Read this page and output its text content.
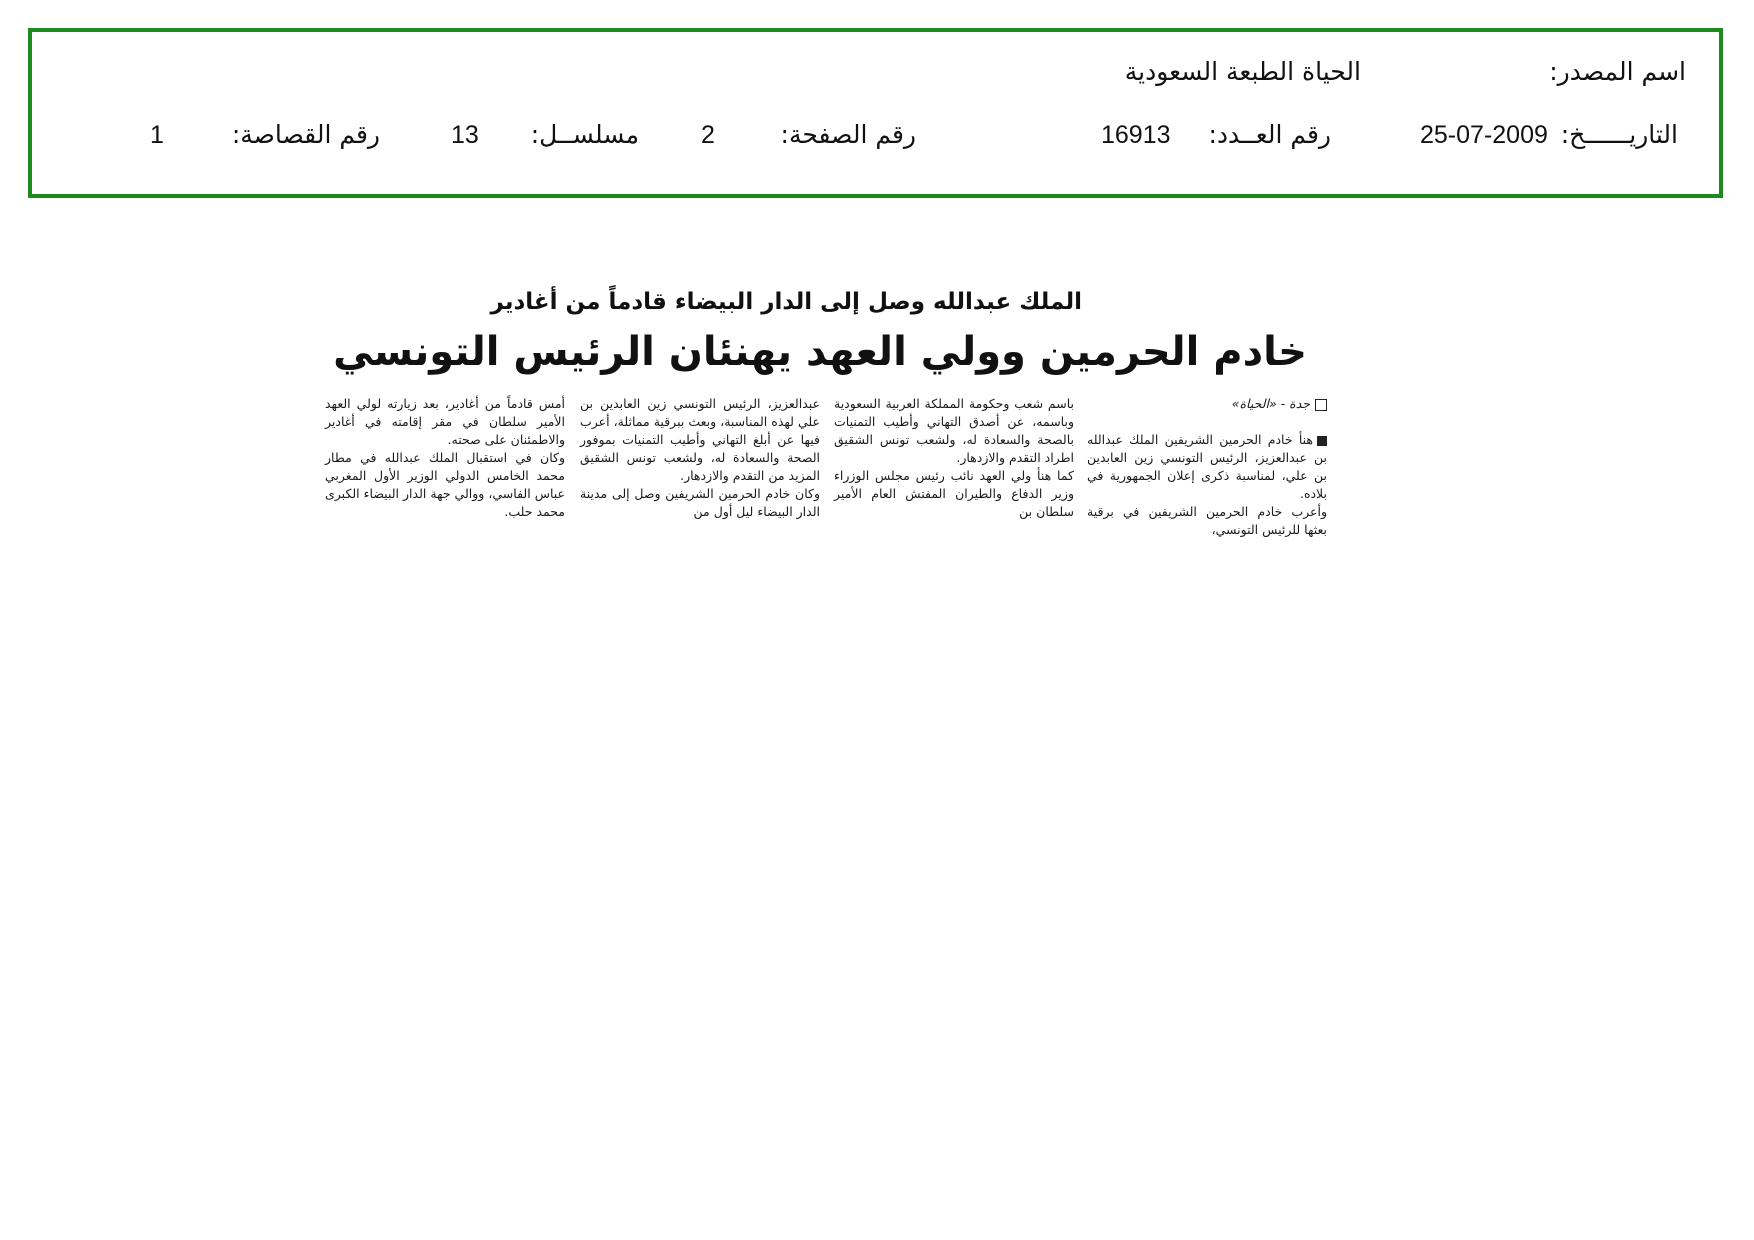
اسم المصدر:
الحياة الطبعة السعودية
التاريــــــخ:
25-07-2009
رقم العــدد:
16913
رقم الصفحة:
2
مسلســل:
13
رقم القصاصة:
1
الملك عبدالله وصل إلى الدار البيضاء قادماً من أغادير
خادم الحرمين وولي العهد يهنئان الرئيس التونسي

جدة - «الحياة»

هنأ خادم الحرمين الشريفين الملك عبدالله بن عبدالعزيز، الرئيس التونسي زين العابدين بن علي، لمناسبة ذكرى إعلان الجمهورية في بلاده.

وأعرب خادم الحرمين الشريفين في برقية بعثها للرئيس التونسي،

باسم شعب وحكومة المملكة العربية السعودية وباسمه، عن أصدق التهاني وأطيب التمنيات بالصحة والسعادة له، ولشعب تونس الشقيق اطراد التقدم والازدهار.

كما هنأ ولي العهد نائب رئيس مجلس الوزراء وزير الدفاع والطيران المفتش العام الأمير سلطان بن

عبدالعزيز، الرئيس التونسي زين العابدين بن علي لهذه المناسبة، وبعث ببرقية مماثلة، أعرب فيها عن أبلغ التهاني وأطيب التمنيات بموفور الصحة والسعادة له، ولشعب تونس الشقيق المزيد من التقدم والازدهار.

وكان خادم الحرمين الشريفين وصل إلى مدينة الدار البيضاء ليل أول من

أمس قادماً من أغادير، بعد زيارته لولي العهد الأمير سلطان في مقر إقامته في أغادير والاطمئنان على صحته.

وكان في استقبال الملك عبدالله في مطار محمد الخامس الدولي الوزير الأول المغربي عباس الفاسي، ووالي جهة الدار البيضاء الكبرى محمد حلب.
